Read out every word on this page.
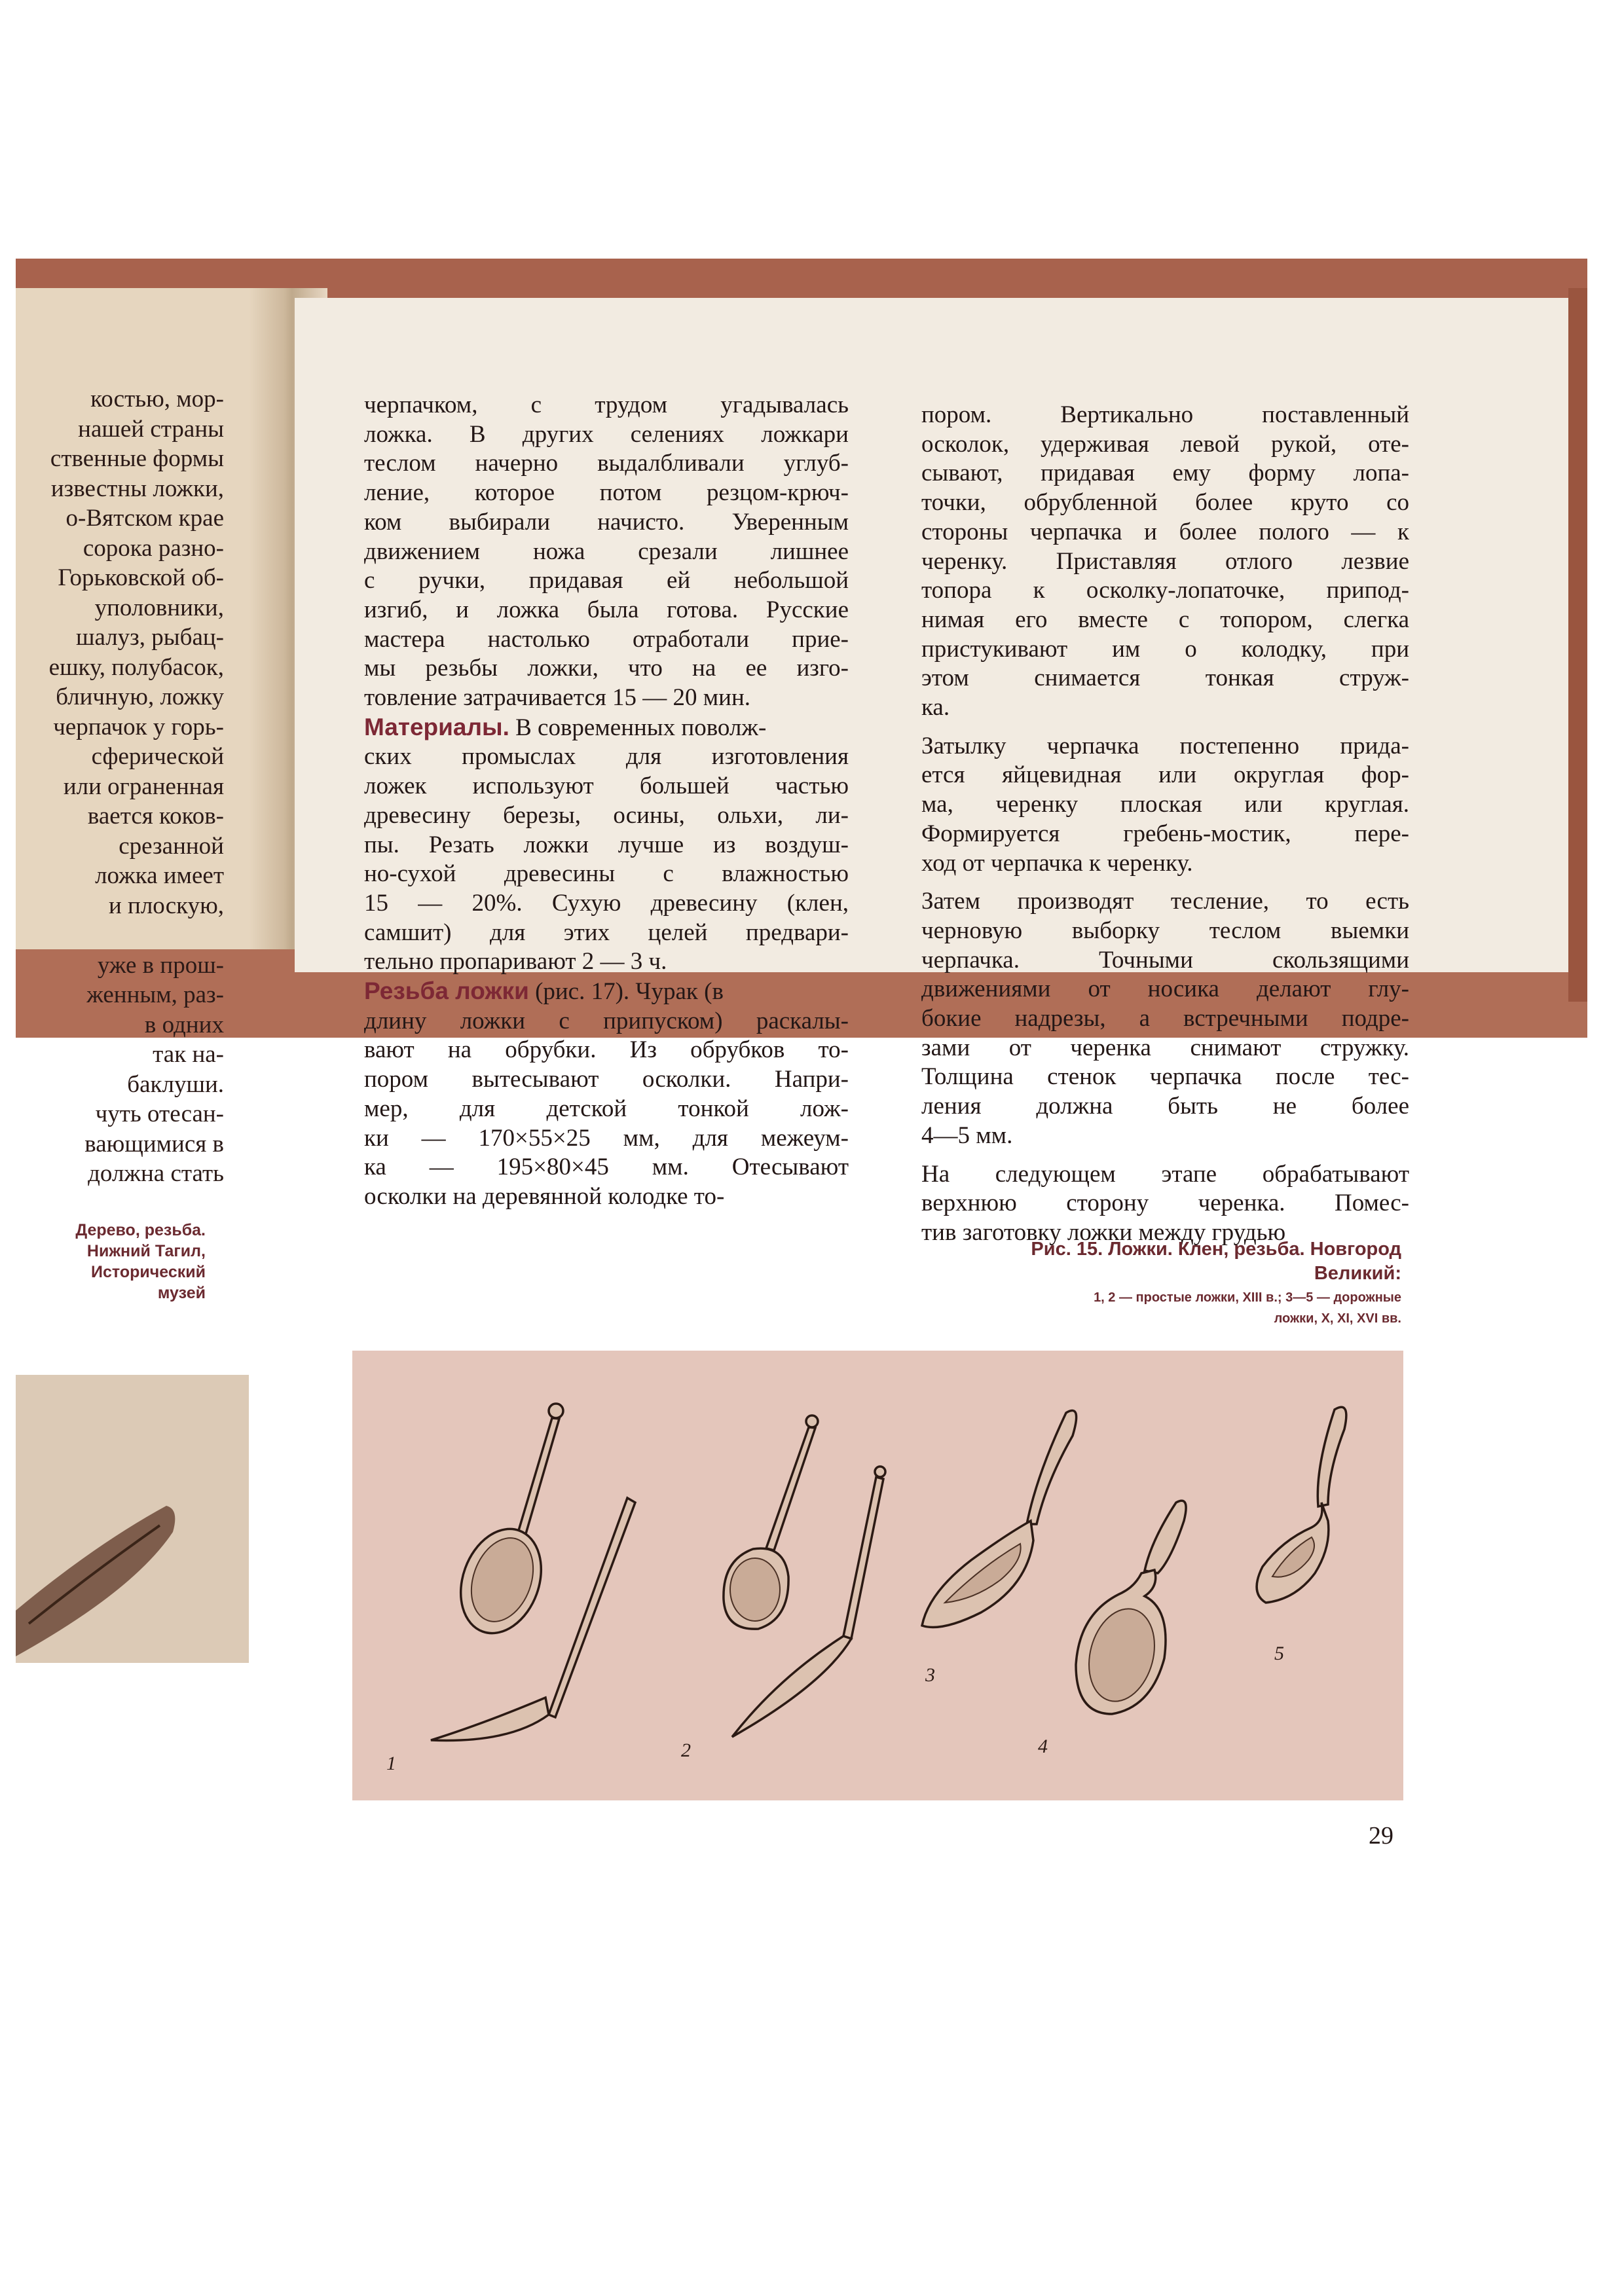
костью, мор-
нашей страны
ственные формы
известны ложки,
о-Вятском крае
сорока разно-
Горьковской об-
уполовники,
шалуз, рыбац-
ешку, полубасок,
бличную, ложку
черпачок у горь-
сферической
или ограненная
вается коков-
срезанной
ложка имеет
и плоскую,

уже в прош-
женным, раз-
в одних
так на-
баклуши.
чуть отесан-
вающимися в
должна стать
Дерево, резьба.
Нижний Тагил,
Исторический
музей

черпачком, с трудом угадывалась
ложка. В других селениях ложкари
теслом начерно выдалбливали углуб-
ление, которое потом резцом-крюч-
ком выбирали начисто. Уверенным
движением ножа срезали лишнее
с ручки, придавая ей небольшой
изгиб, и ложка была готова. Русские
мастера настолько отработали прие-
мы резьбы ложки, что на ее изго-
товление затрачивается 15 — 20 мин.

Материалы. В современных поволж-
ских промыслах для изготовления
ложек используют большей частью
древесину березы, осины, ольхи, ли-
пы. Резать ложки лучше из воздуш-
но-сухой древесины с влажностью
15 — 20%. Сухую древесину (клен,
самшит) для этих целей предвари-
тельно пропаривают 2 — 3 ч.

Резьба ложки (рис. 17). Чурак (в
длину ложки с припуском) раскалы-
вают на обрубки. Из обрубков то-
пором вытесывают осколки. Напри-
мер, для детской тонкой лож-
ки — 170×55×25 мм, для межеум-
ка — 195×80×45 мм. Отесывают
осколки на деревянной колодке то-

пором. Вертикально поставленный
осколок, удерживая левой рукой, оте-
сывают, придавая ему форму лопа-
точки, обрубленной более круто со
стороны черпачка и более полого — к
черенку. Приставляя отлого лезвие
топора к осколку-лопаточке, припод-
нимая его вместе с топором, слегка
пристукивают им о колодку, при
этом снимается тонкая струж-
ка.

Затылку черпачка постепенно прида-
ется яйцевидная или округлая фор-
ма, черенку плоская или круглая.
Формируется гребень-мостик, пере-
ход от черпачка к черенку.

Затем производят теслeние, то есть
черновую выборку теслом выемки
черпачка. Точными скользящими
движениями от носика делают глу-
бокие надрезы, а встречными подре-
зами от черенка снимают стружку.
Толщина стенок черпачка после тес-
ления должна быть не более
4—5 мм.

На следующем этапе обрабатывают
верхнюю сторону черенка. Помес-
тив заготовку ложки между грудью

Рис. 15. Ложки. Клен, резьба. Новгород
Великий:
1, 2 — простые ложки, XIII в.; 3—5 — дорожные
ложки, X, XI, XVI вв.
1
2
3
4
5
29
